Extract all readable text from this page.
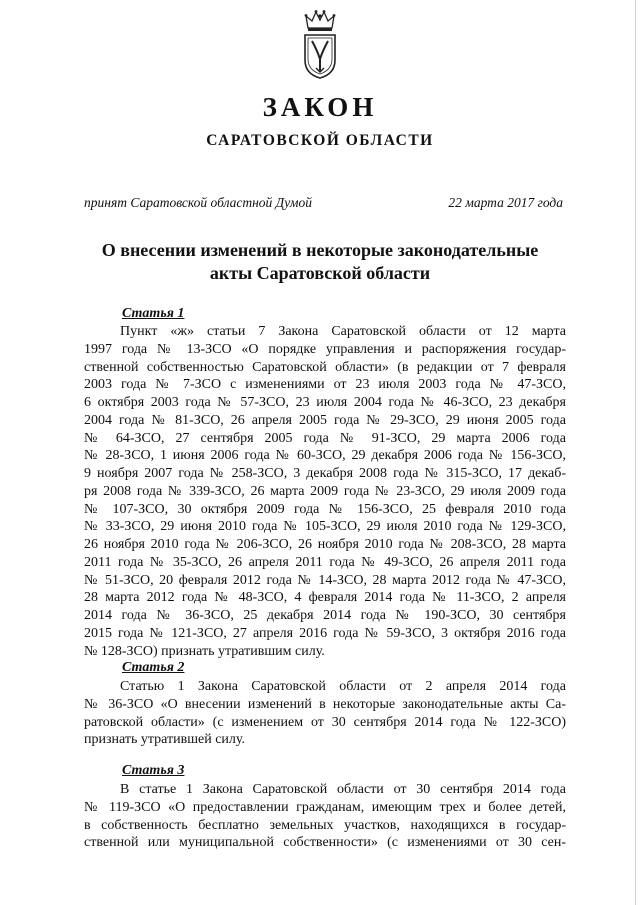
ЗАКОН
САРАТОВСКОЙ ОБЛАСТИ
принят Саратовской областной Думой	22 марта 2017 года
О внесении изменений в некоторые законодательные
акты Саратовской области
Статья 1
Пункт «ж» статьи 7 Закона Саратовской области от 12 марта
1997 года № 13-ЗСО «О порядке управления и распоряжения государ-
ственной собственностью Саратовской области» (в редакции от 7 февраля
2003 года № 7-ЗСО с изменениями от 23 июля 2003 года № 47-ЗСО,
6 октября 2003 года № 57-ЗСО, 23 июля 2004 года № 46-ЗСО, 23 декабря
2004 года № 81-ЗСО, 26 апреля 2005 года № 29-ЗСО, 29 июня 2005 года
№ 64-ЗСО, 27 сентября 2005 года № 91-ЗСО, 29 марта 2006 года
№ 28-ЗСО, 1 июня 2006 года № 60-ЗСО, 29 декабря 2006 года № 156-ЗСО,
9 ноября 2007 года № 258-ЗСО, 3 декабря 2008 года № 315-ЗСО, 17 декаб-
ря 2008 года № 339-ЗСО, 26 марта 2009 года № 23-ЗСО, 29 июля 2009 года
№ 107-ЗСО, 30 октября 2009 года № 156-ЗСО, 25 февраля 2010 года
№ 33-ЗСО, 29 июня 2010 года № 105-ЗСО, 29 июля 2010 года № 129-ЗСО,
26 ноября 2010 года № 206-ЗСО, 26 ноября 2010 года № 208-ЗСО, 28 марта
2011 года № 35-ЗСО, 26 апреля 2011 года № 49-ЗСО, 26 апреля 2011 года
№ 51-ЗСО, 20 февраля 2012 года № 14-ЗСО, 28 марта 2012 года № 47-ЗСО,
28 марта 2012 года № 48-ЗСО, 4 февраля 2014 года № 11-ЗСО, 2 апреля
2014 года № 36-ЗСО, 25 декабря 2014 года № 190-ЗСО, 30 сентября
2015 года № 121-ЗСО, 27 апреля 2016 года № 59-ЗСО, 3 октября 2016 года
№ 128-ЗСО) признать утратившим силу.
Статья 2
Статью 1 Закона Саратовской области от 2 апреля 2014 года
№ 36-ЗСО «О внесении изменений в некоторые законодательные акты Са-
ратовской области» (с изменением от 30 сентября 2014 года № 122-ЗСО)
признать утратившей силу.
Статья 3
В статье 1 Закона Саратовской области от 30 сентября 2014 года
№ 119-ЗСО «О предоставлении гражданам, имеющим трех и более детей,
в собственность бесплатно земельных участков, находящихся в государ-
ственной или муниципальной собственности» (с изменениями от 30 сен-
